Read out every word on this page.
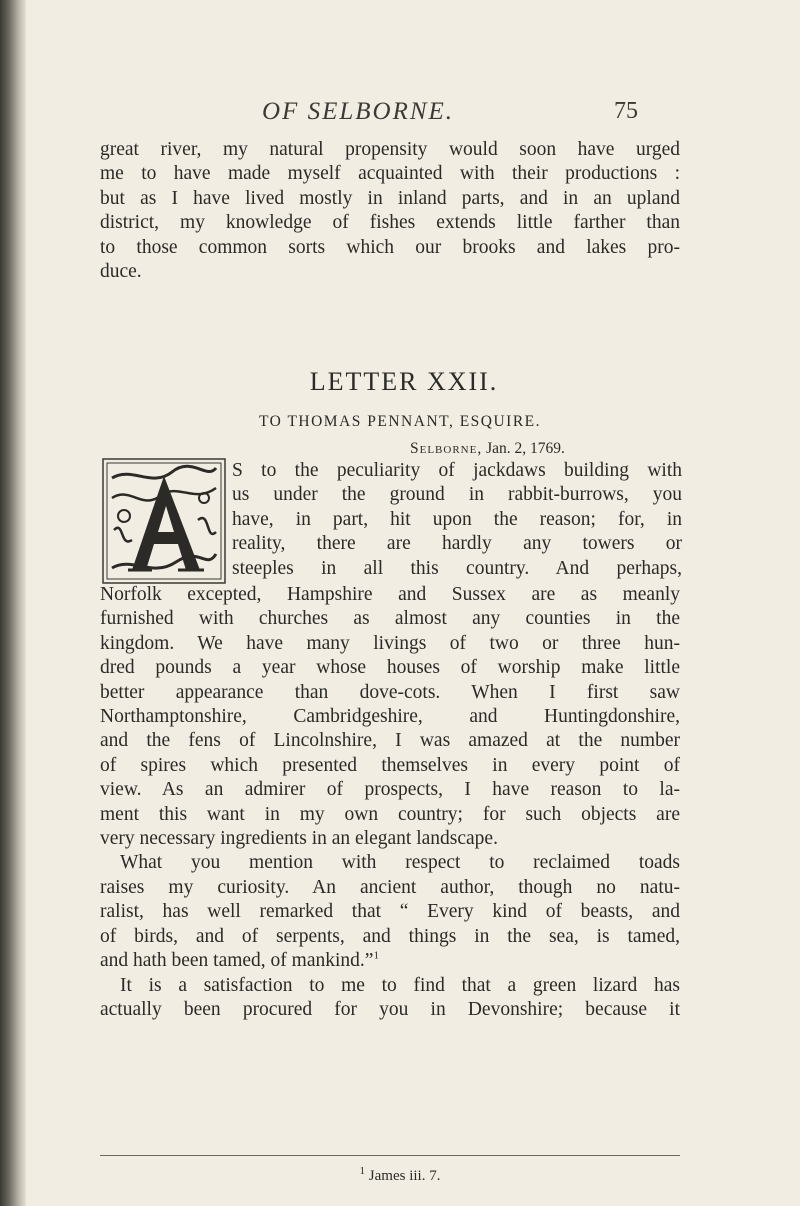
OF SELBORNE.	75
great river, my natural propensity would soon have urged
me to have made myself acquainted with their productions :
but as I have lived mostly in inland parts, and in an upland
district, my knowledge of fishes extends little farther than
to those common sorts which our brooks and lakes pro-
duce.
LETTER XXII.
TO THOMAS PENNANT, ESQUIRE.
Selborne, Jan. 2, 1769.
S to the peculiarity of jackdaws building with
us under the ground in rabbit-burrows, you
have, in part, hit upon the reason; for, in
reality, there are hardly any towers or
steeples in all this country. And perhaps,
Norfolk excepted, Hampshire and Sussex are as meanly
furnished with churches as almost any counties in the
kingdom. We have many livings of two or three hun-
dred pounds a year whose houses of worship make little
better appearance than dove-cots. When I first saw
Northamptonshire, Cambridgeshire, and Huntingdonshire,
and the fens of Lincolnshire, I was amazed at the number
of spires which presented themselves in every point of
view. As an admirer of prospects, I have reason to la-
ment this want in my own country; for such objects are
very necessary ingredients in an elegant landscape.
What you mention with respect to reclaimed toads
raises my curiosity. An ancient author, though no natu-
ralist, has well remarked that “ Every kind of beasts, and
of birds, and of serpents, and things in the sea, is tamed,
and hath been tamed, of mankind.”$^1$
It is a satisfaction to me to find that a green lizard has
actually been procured for you in Devonshire; because it
$^1$ James iii. 7.
